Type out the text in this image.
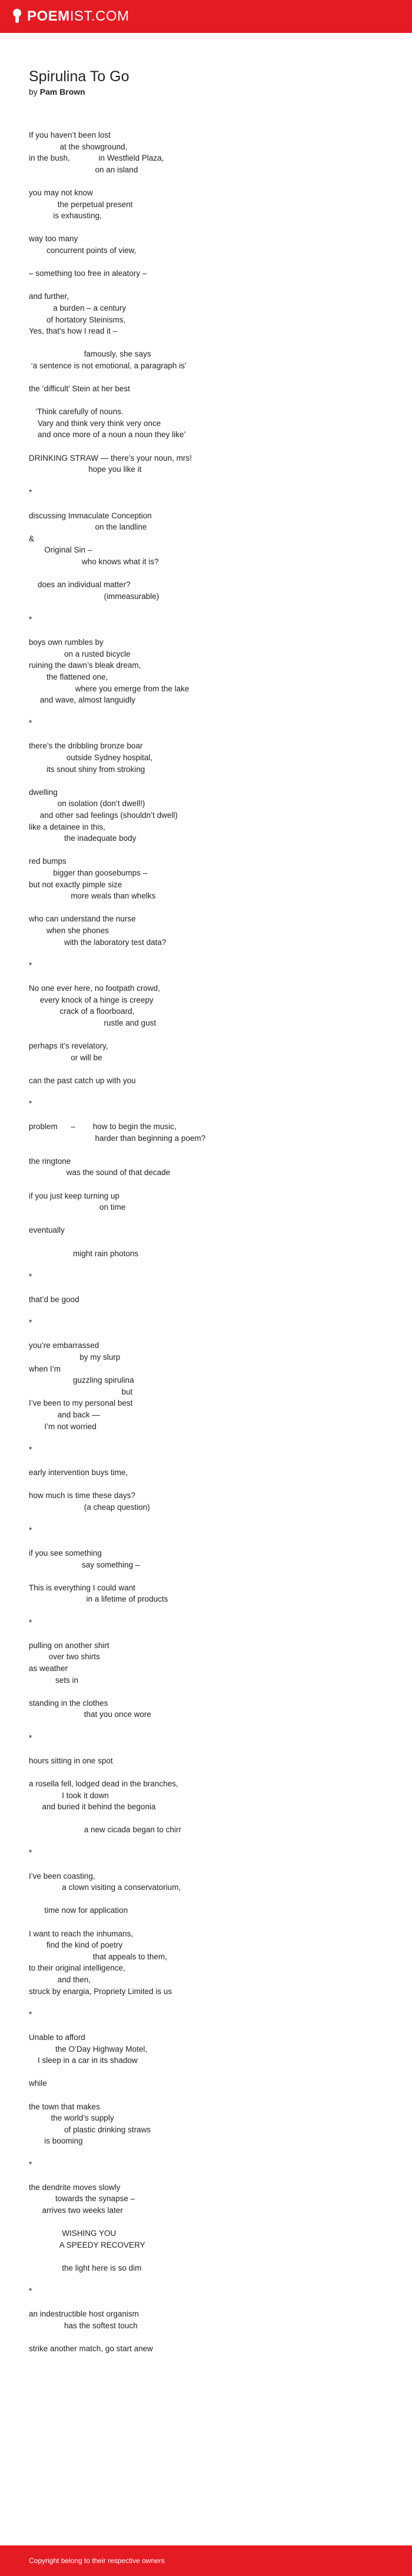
POEMIST.COM
Spirulina To Go
by Pam Brown
If you haven’t been lost
at the showground,
in the bush,             in Westfield Plaza,
on an island
you may not know
the perpetual present
is exhausting,
way too many
concurrent points of view,
– something too free in aleatory –
and further,
a burden – a century
of hortatory Steinisms,
Yes, that’s how I read it –
famously, she says
‘a sentence is not emotional, a paragraph is’
the ‘difficult’ Stein at her best
‘Think carefully of nouns.
Vary and think very think very once
and once more of a noun a noun they like’
DRINKING STRAW — there’s your noun, mrs!
hope you like it
*
discussing Immaculate Conception
on the landline
&
Original Sin –
who knows what it is?
does an individual matter?
(immeasurable)
*
boys own rumbles by
on a rusted bicycle
ruining the dawn’s bleak dream,
the flattened one,
where you emerge from the lake
and wave, almost languidly
*
there’s the dribbling bronze boar
outside Sydney hospital,
its snout shiny from stroking
dwelling
on isolation (don’t dwell!)
and other sad feelings (shouldn’t dwell)
like a detainee in this,
the inadequate body
red bumps
bigger than goosebumps –
but not exactly pimple size
more weals than whelks
who can understand the nurse
when she phones
with the laboratory test data?
*
No one ever here, no footpath crowd,
every knock of a hinge is creepy
crack of a floorboard,
rustle and gust
perhaps it’s revelatory,
or will be
can the past catch up with you
*
problem      –        how to begin the music,
harder than beginning a poem?
the ringtone
was the sound of that decade
if you just keep turning up
on time
eventually
might rain photons
*
that’d be good
*
you’re embarrassed
by my slurp
when I’m
guzzling spirulina
but
I’ve been to my personal best
and back —
I’m not worried
*
early intervention buys time,
how much is time these days?
(a cheap question)
*
if you see something
say something –
This is everything I could want
in a lifetime of products
*
pulling on another shirt
over two shirts
as weather
sets in
standing in the clothes
that you once wore
*
hours sitting in one spot
a rosella fell, lodged dead in the branches,
I took it down
and buried it behind the begonia
a new cicada began to chirr
*
I’ve been coasting,
a clown visiting a conservatorium,
time now for application
I want to reach the inhumans,
find the kind of poetry
that appeals to them,
to their original intelligence,
and then,
struck by enargia, Propriety Limited is us
*
Unable to afford
the O’Day Highway Motel,
I sleep in a car in its shadow
while
the town that makes
the world’s supply
of plastic drinking straws
is booming
*
the dendrite moves slowly
towards the synapse –
arrives two weeks later
WISHING YOU
A SPEEDY RECOVERY
the light here is so dim
*
an indestructible host organism
has the softest touch
strike another match, go start anew
Copyright belong to their respective owners
